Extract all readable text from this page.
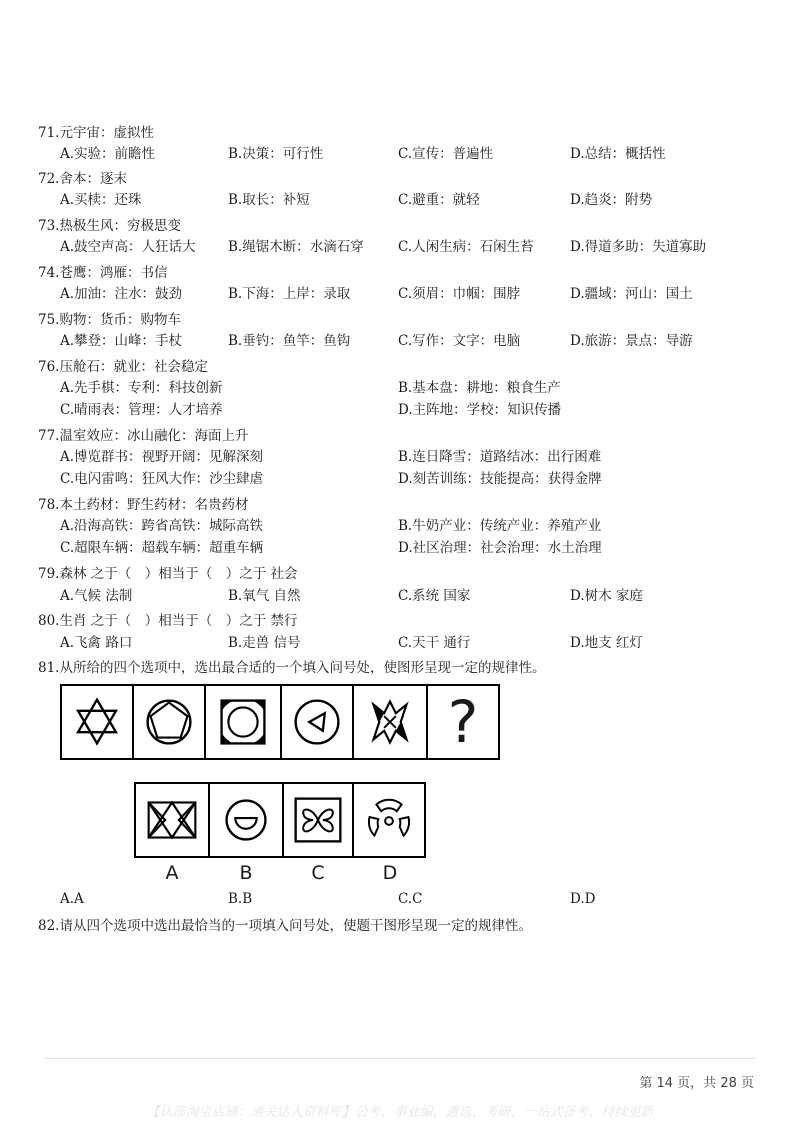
71.元宇宙：虚拟性
A.实验：前瞻性	B.决策：可行性	C.宣传：普遍性	D.总结：概括性
72.舍本：逐末
A.买椟：还珠	B.取长：补短	C.避重：就轻	D.趋炎：附势
73.热极生风：穷极思变
A.鼓空声高：人狂话大 B.绳锯木断：水滴石穿	C.人闲生病：石闲生苔	D.得道多助：失道寡助
74.苍鹰：鸿雁：书信
A.加油：注水：鼓劲	B.下海：上岸：录取	C.须眉：巾帼：围脖	D.疆域：河山：国土
75.购物：货币：购物车
A.攀登：山峰：手杖	B.垂钓：鱼竿：鱼钩	C.写作：文字：电脑	D.旅游：景点：导游
76.压舱石：就业：社会稳定
A.先手棋：专利：科技创新	B.基本盘：耕地：粮食生产
C.晴雨表：管理：人才培养	D.主阵地：学校：知识传播
77.温室效应：冰山融化：海面上升
A.博览群书：视野开阔：见解深刻	B.连日降雪：道路结冰：出行困难
C.电闪雷鸣：狂风大作：沙尘肆虐	D.刻苦训练：技能提高：获得金牌
78.本土药材：野生药材：名贵药材
A.沿海高铁：跨省高铁：城际高铁	B.牛奶产业：传统产业：养殖产业
C.超限车辆：超载车辆：超重车辆	D.社区治理：社会治理：水土治理
79.森林 之于（　）相当于（　）之于 社会
A.气候 法制	B.氧气 自然	C.系统 国家	D.树木 家庭
80.生肖 之于（　）相当于（　）之于 禁行
A.飞禽 路口	B.走兽 信号	C.天干 通行	D.地支 红灯
81.从所给的四个选项中，选出最合适的一个填入问号处，使图形呈现一定的规律性。
?
A	B	C	D
A.A	B.B	C.C	D.D
82.请从四个选项中选出最恰当的一项填入问号处，使题干图形呈现一定的规律性。
第 14 页，共 28 页
【认准淘宝店铺：通关达人资料库】公考、事业编、遴选、考研、一站式备考，持续更新
